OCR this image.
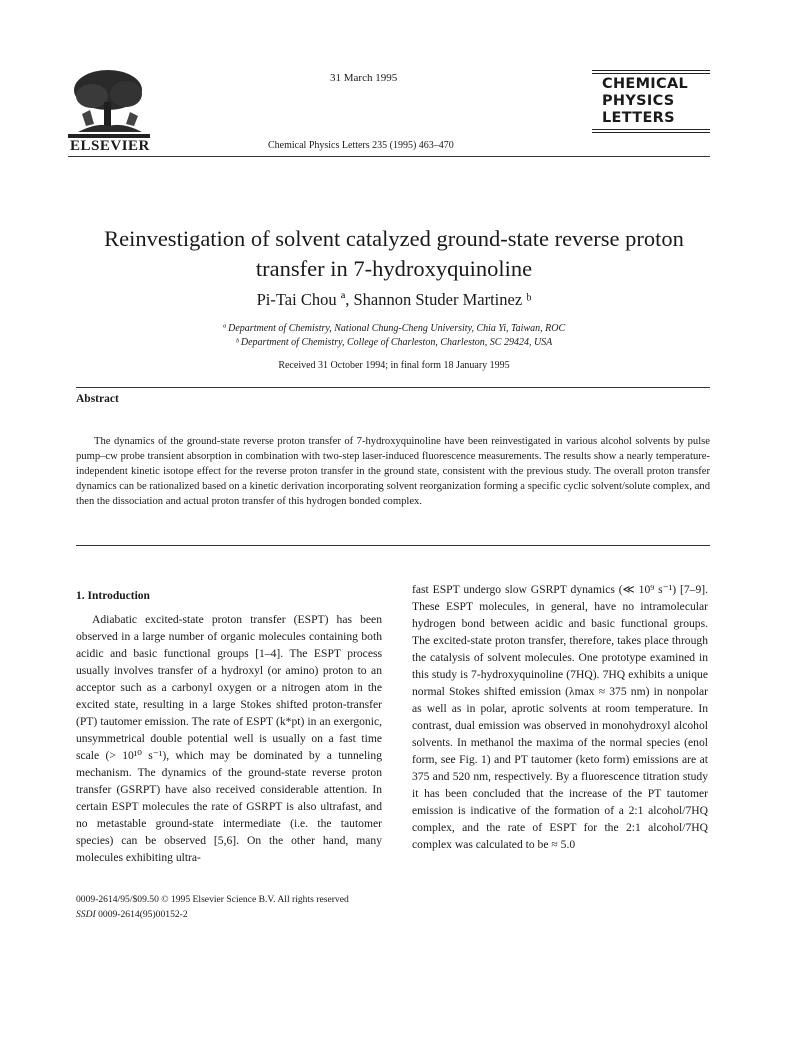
ELSEVIER
31 March 1995
Chemical Physics Letters 235 (1995) 463–470
CHEMICAL
PHYSICS
LETTERS
Reinvestigation of solvent catalyzed ground-state reverse proton
transfer in 7-hydroxyquinoline
Pi-Tai Chou ª, Shannon Studer Martinez ᵇ
ª Department of Chemistry, National Chung-Cheng University, Chia Yi, Taiwan, ROC
ᵇ Department of Chemistry, College of Charleston, Charleston, SC 29424, USA
Received 31 October 1994; in final form 18 January 1995
Abstract
The dynamics of the ground-state reverse proton transfer of 7-hydroxyquinoline have been reinvestigated in various alcohol solvents by pulse pump–cw probe transient absorption in combination with two-step laser-induced fluorescence measurements. The results show a nearly temperature-independent kinetic isotope effect for the reverse proton transfer in the ground state, consistent with the previous study. The overall proton transfer dynamics can be rationalized based on a kinetic derivation incorporating solvent reorganization forming a specific cyclic solvent/solute complex, and then the dissociation and actual proton transfer of this hydrogen bonded complex.
1. Introduction
Adiabatic excited-state proton transfer (ESPT) has been observed in a large number of organic molecules containing both acidic and basic functional groups [1–4]. The ESPT process usually involves transfer of a hydroxyl (or amino) proton to an acceptor such as a carbonyl oxygen or a nitrogen atom in the excited state, resulting in a large Stokes shifted proton-transfer (PT) tautomer emission. The rate of ESPT (k*pt) in an exergonic, unsymmetrical double potential well is usually on a fast time scale (> 10¹⁰ s⁻¹), which may be dominated by a tunneling mechanism. The dynamics of the ground-state reverse proton transfer (GSRPT) have also received considerable attention. In certain ESPT molecules the rate of GSRPT is also ultrafast, and no metastable ground-state intermediate (i.e. the tautomer species) can be observed [5,6]. On the other hand, many molecules exhibiting ultra-
fast ESPT undergo slow GSRPT dynamics (≪ 10⁹ s⁻¹) [7–9]. These ESPT molecules, in general, have no intramolecular hydrogen bond between acidic and basic functional groups. The excited-state proton transfer, therefore, takes place through the catalysis of solvent molecules. One prototype examined in this study is 7-hydroxyquinoline (7HQ). 7HQ exhibits a unique normal Stokes shifted emission (λmax ≈ 375 nm) in nonpolar as well as in polar, aprotic solvents at room temperature. In contrast, dual emission was observed in monohydroxyl alcohol solvents. In methanol the maxima of the normal species (enol form, see Fig. 1) and PT tautomer (keto form) emissions are at 375 and 520 nm, respectively. By a fluorescence titration study it has been concluded that the increase of the PT tautomer emission is indicative of the formation of a 2:1 alcohol/7HQ complex, and the rate of ESPT for the 2:1 alcohol/7HQ complex was calculated to be ≈ 5.0
0009-2614/95/$09.50 © 1995 Elsevier Science B.V. All rights reserved
SSDI 0009-2614(95)00152-2
